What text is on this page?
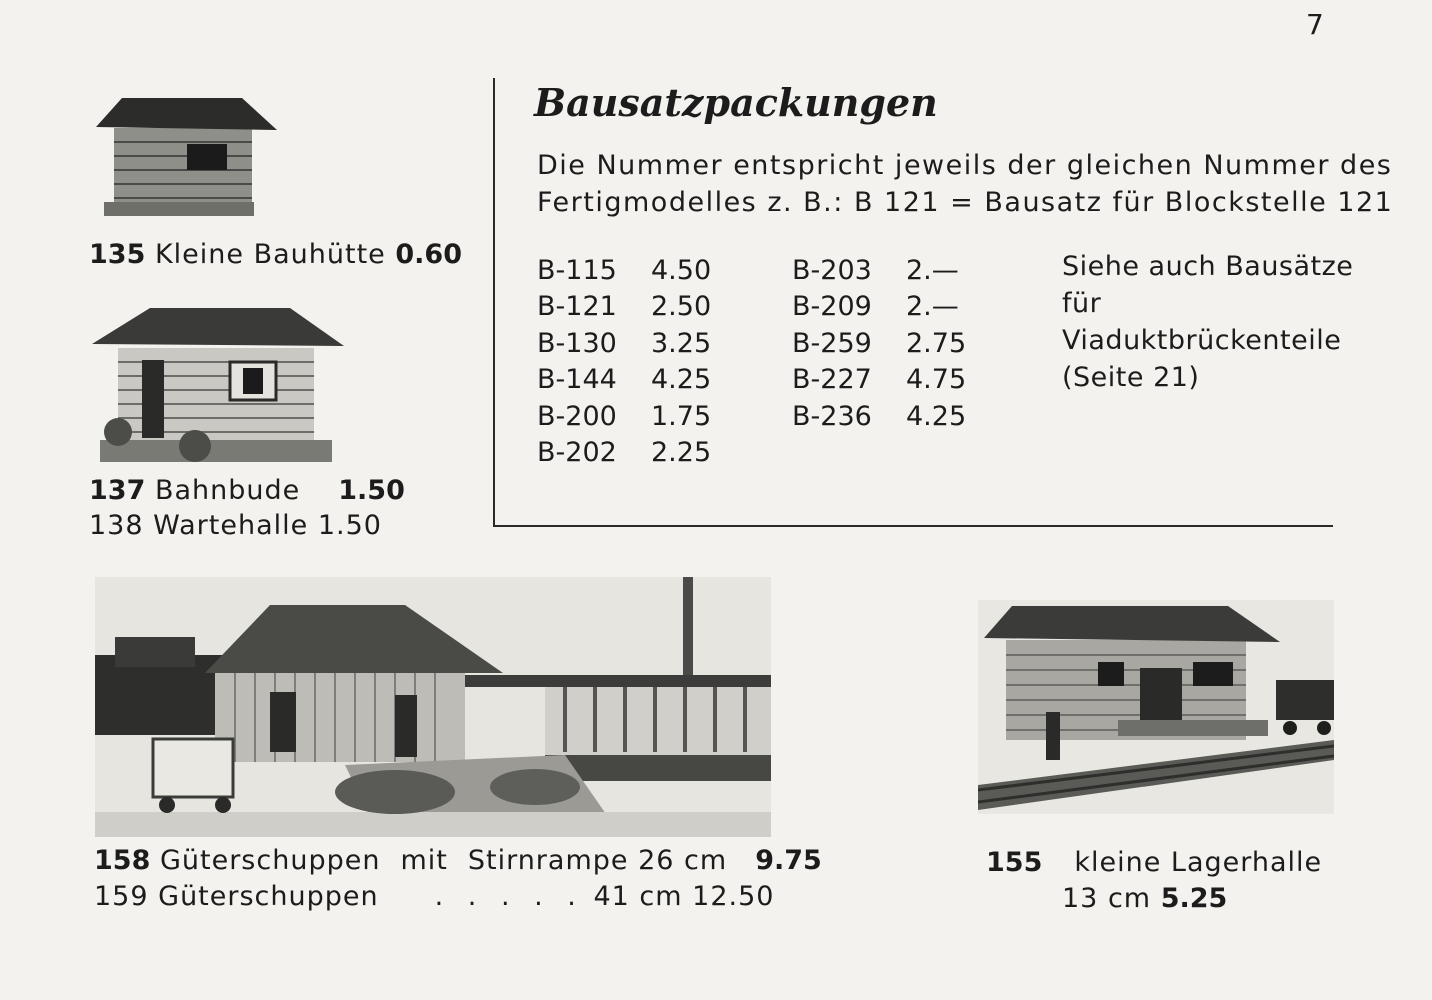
7
135 Kleine Bauhütte 0.60
137 Bahnbude 1.50
138 Wartehalle 1.50
Bausatzpackungen
Die Nummer entspricht jeweils der gleichen Nummer des
Fertigmodelles z. B.: B 121 = Bausatz für Blockstelle 121
B-115 4.50
B-121 2.50
B-130 3.25
B-144 4.25
B-200 1.75
B-202 2.25
B-203 2.—
B-209 2.—
B-259 2.75
B-227 4.75
B-236 4.25
Siehe auch Bausätze
für
Viaduktbrückenteile
(Seite 21)
158 Güterschuppen mit Stirnrampe 26 cm 9.75
159 Güterschuppen . . . . . 41 cm 12.50
155 kleine Lagerhalle
13 cm 5.25
